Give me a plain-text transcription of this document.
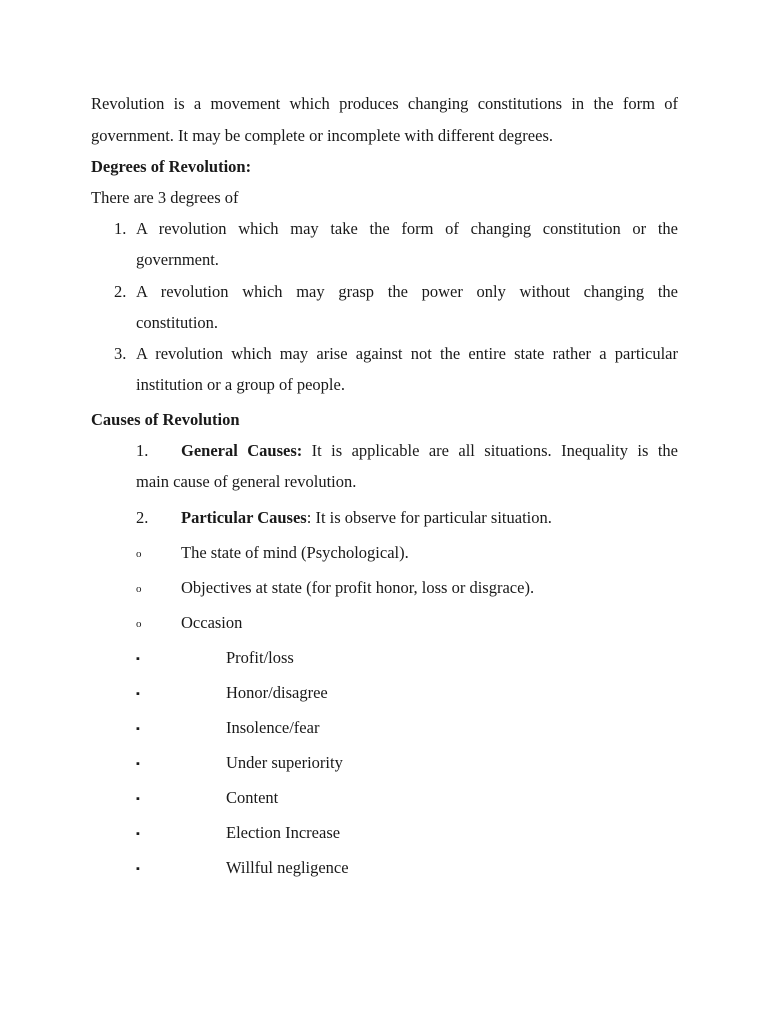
Revolution is a movement which produces changing constitutions in the form of
government. It may be complete or incomplete with different degrees.
Degrees of Revolution:
There are 3 degrees of
1. A revolution which may take the form of changing constitution or the
government.
2. A revolution which may grasp the power only without changing the
constitution.
3. A revolution which may arise against not the entire state rather a particular
institution or a group of people.
Causes of Revolution
1. General Causes: It is applicable are all situations. Inequality is the
main cause of general revolution.
2. Particular Causes: It is observe for particular situation.
o The state of mind (Psychological).
o Objectives at state (for profit honor, loss or disgrace).
o Occasion
▪	Profit/loss
▪	Honor/disagree
▪	Insolence/fear
▪	Under superiority
▪	Content
▪	Election Increase
▪	Willful negligence
